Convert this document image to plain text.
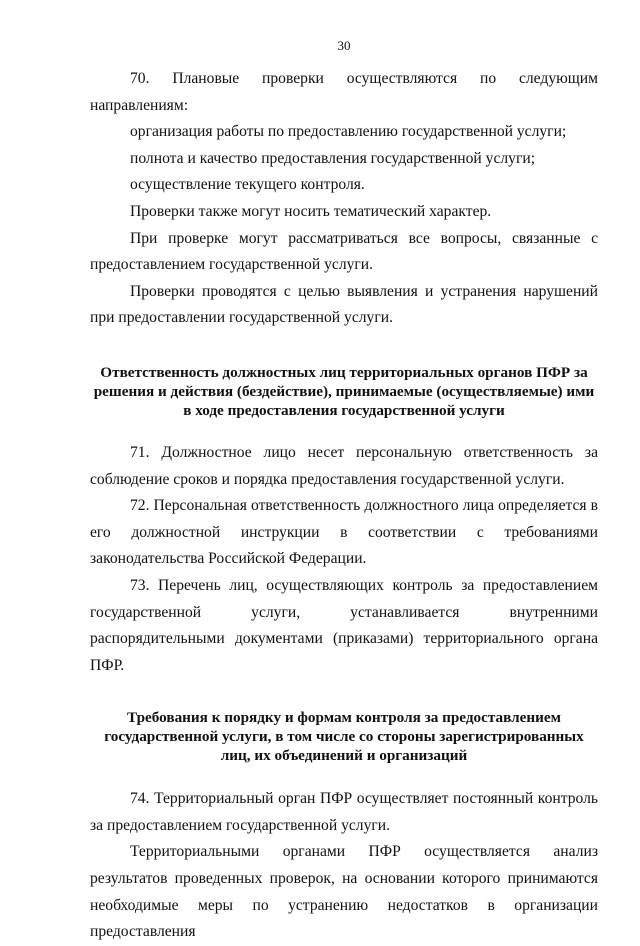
30

70. Плановые проверки осуществляются по следующим направлениям:

организация работы по предоставлению государственной услуги;

полнота и качество предоставления государственной услуги;

осуществление текущего контроля.

Проверки также могут носить тематический характер.

При проверке могут рассматриваться все вопросы, связанные с предоставлением государственной услуги.

Проверки проводятся с целью выявления и устранения нарушений при предоставлении государственной услуги.

Ответственность должностных лиц территориальных органов ПФР за решения и действия (бездействие), принимаемые (осуществляемые) ими в ходе предоставления государственной услуги

71. Должностное лицо несет персональную ответственность за соблюдение сроков и порядка предоставления государственной услуги.

72. Персональная ответственность должностного лица определяется в его должностной инструкции в соответствии с требованиями законодательства Российской Федерации.

73. Перечень лиц, осуществляющих контроль за предоставлением государственной услуги, устанавливается внутренними распорядительными документами (приказами) территориального органа ПФР.

Требования к порядку и формам контроля за предоставлением государственной услуги, в том числе со стороны зарегистрированных лиц, их объединений и организаций

74. Территориальный орган ПФР осуществляет постоянный контроль за предоставлением государственной услуги.

Территориальными органами ПФР осуществляется анализ результатов проведенных проверок, на основании которого принимаются необходимые меры по устранению недостатков в организации предоставления
